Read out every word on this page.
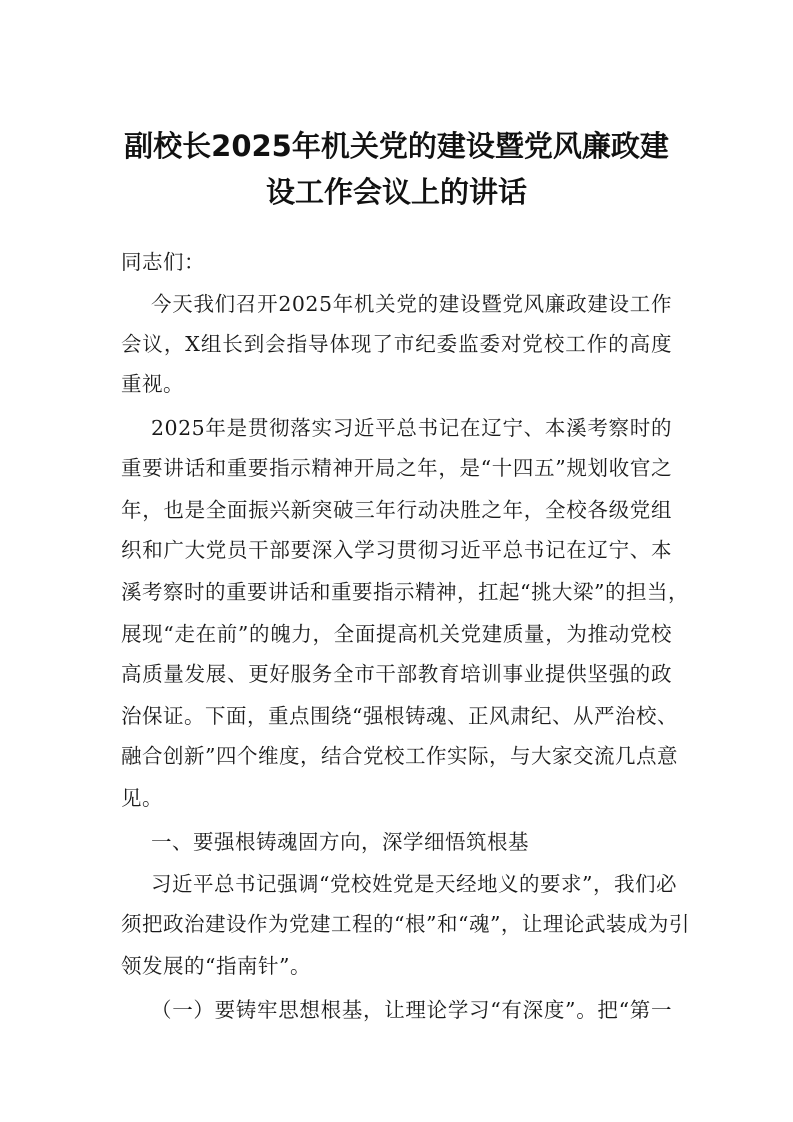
副校长2025年机关党的建设暨党风廉政建
设工作会议上的讲话
同志们：
今天我们召开2025年机关党的建设暨党风廉政建设工作
会议，X组长到会指导体现了市纪委监委对党校工作的高度
重视。
2025年是贯彻落实习近平总书记在辽宁、本溪考察时的
重要讲话和重要指示精神开局之年，是“十四五”规划收官之
年，也是全面振兴新突破三年行动决胜之年，全校各级党组
织和广大党员干部要深入学习贯彻习近平总书记在辽宁、本
溪考察时的重要讲话和重要指示精神，扛起“挑大梁”的担当，
展现“走在前”的魄力，全面提高机关党建质量，为推动党校
高质量发展、更好服务全市干部教育培训事业提供坚强的政
治保证。下面，重点围绕“强根铸魂、正风肃纪、从严治校、
融合创新”四个维度，结合党校工作实际，与大家交流几点意
见。
一、要强根铸魂固方向，深学细悟筑根基
习近平总书记强调“党校姓党是天经地义的要求”，我们必
须把政治建设作为党建工程的“根”和“魂”，让理论武装成为引
领发展的“指南针”。
（一）要铸牢思想根基，让理论学习“有深度”。把“第一
